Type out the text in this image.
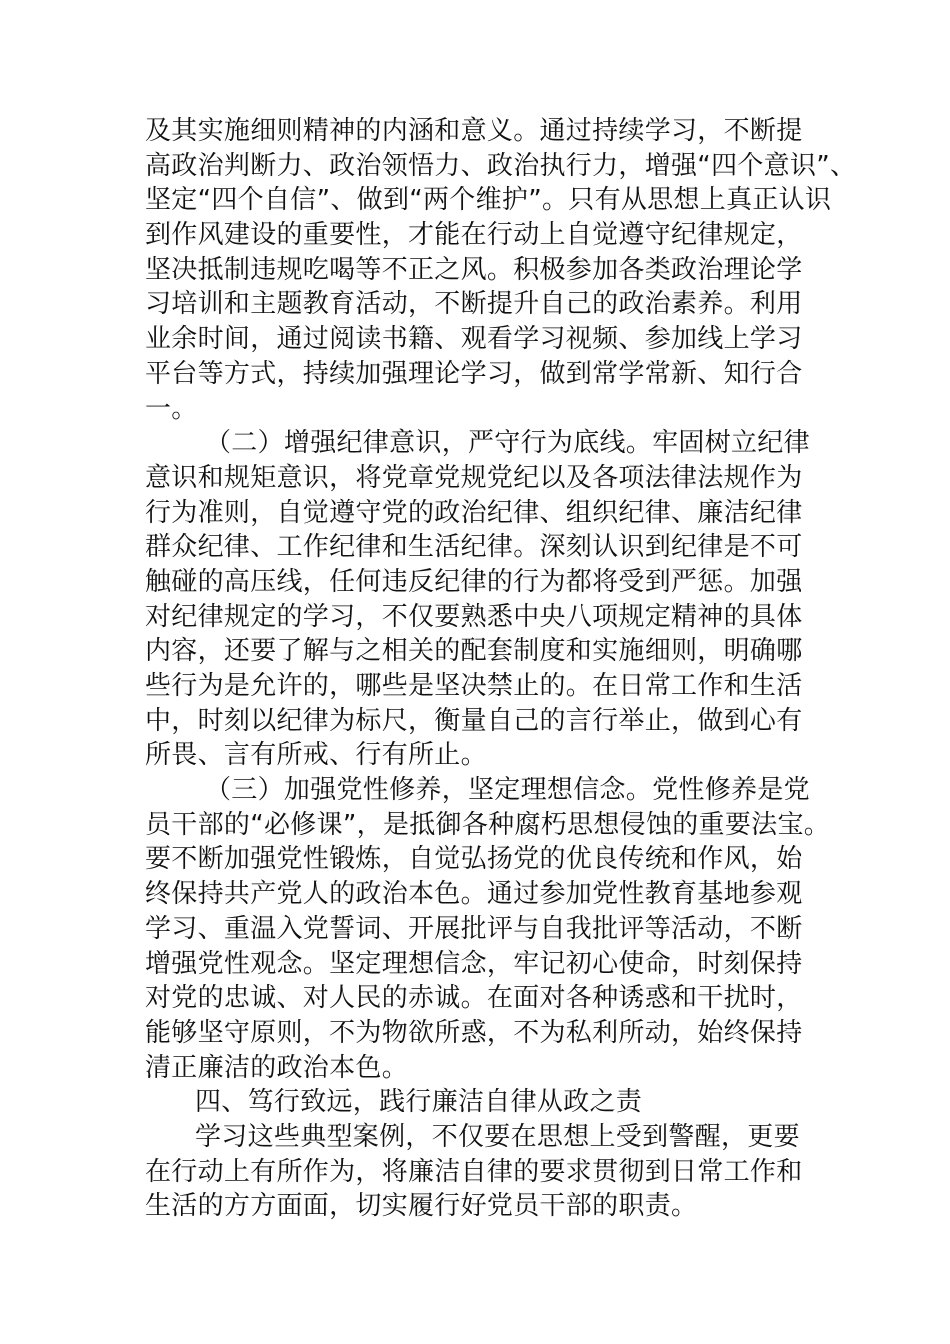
及其实施细则精神的内涵和意义。通过持续学习，不断提
高政治判断力、政治领悟力、政治执行力，增强“四个意识”、
坚定“四个自信”、做到“两个维护”。只有从思想上真正认识
到作风建设的重要性，才能在行动上自觉遵守纪律规定，
坚决抵制违规吃喝等不正之风。积极参加各类政治理论学
习培训和主题教育活动，不断提升自己的政治素养。利用
业余时间，通过阅读书籍、观看学习视频、参加线上学习
平台等方式，持续加强理论学习，做到常学常新、知行合
一。
（二）增强纪律意识，严守行为底线。牢固树立纪律
意识和规矩意识，将党章党规党纪以及各项法律法规作为
行为准则，自觉遵守党的政治纪律、组织纪律、廉洁纪律
群众纪律、工作纪律和生活纪律。深刻认识到纪律是不可
触碰的高压线，任何违反纪律的行为都将受到严惩。加强
对纪律规定的学习，不仅要熟悉中央八项规定精神的具体
内容，还要了解与之相关的配套制度和实施细则，明确哪
些行为是允许的，哪些是坚决禁止的。在日常工作和生活
中，时刻以纪律为标尺，衡量自己的言行举止，做到心有
所畏、言有所戒、行有所止。
（三）加强党性修养，坚定理想信念。党性修养是党
员干部的“必修课”，是抵御各种腐朽思想侵蚀的重要法宝。
要不断加强党性锻炼，自觉弘扬党的优良传统和作风，始
终保持共产党人的政治本色。通过参加党性教育基地参观
学习、重温入党誓词、开展批评与自我批评等活动，不断
增强党性观念。坚定理想信念，牢记初心使命，时刻保持
对党的忠诚、对人民的赤诚。在面对各种诱惑和干扰时，
能够坚守原则，不为物欲所惑，不为私利所动，始终保持
清正廉洁的政治本色。
四、笃行致远，践行廉洁自律从政之责
学习这些典型案例，不仅要在思想上受到警醒，更要
在行动上有所作为，将廉洁自律的要求贯彻到日常工作和
生活的方方面面，切实履行好党员干部的职责。
